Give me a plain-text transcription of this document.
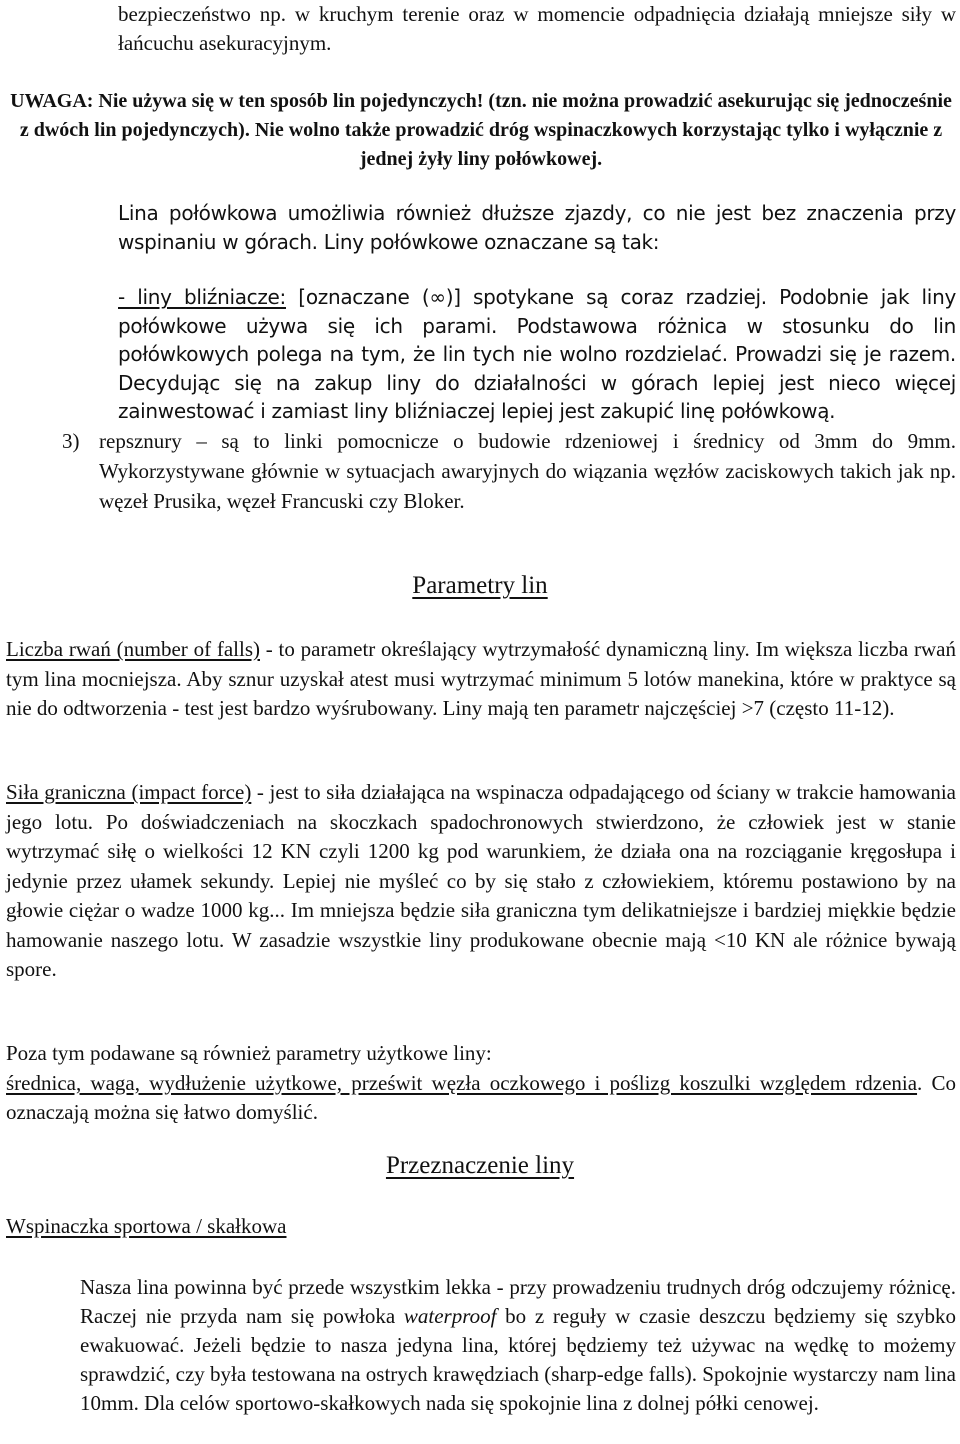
bezpieczeństwo np. w kruchym terenie oraz w momencie odpadnięcia działają mniejsze siły w łańcuchu asekuracyjnym.

UWAGA: Nie używa się w ten sposób lin pojedynczych! (tzn. nie można prowadzić asekurując się jednocześnie z dwóch lin pojedynczych). Nie wolno także prowadzić dróg wspinaczkowych korzystając tylko i wyłącznie z jednej żyły liny połówkowej.

Lina połówkowa umożliwia również dłuższe zjazdy, co nie jest bez znaczenia przy wspinaniu w górach. Liny połówkowe oznaczane są tak:

- liny bliźniacze: [oznaczane (∞)] spotykane są coraz rzadziej. Podobnie jak liny połówkowe używa się ich parami. Podstawowa różnica w stosunku do lin połówkowych polega na tym, że lin tych nie wolno rozdzielać. Prowadzi się je razem. Decydując się na zakup liny do działalności w górach lepiej jest nieco więcej zainwestować i zamiast liny bliźniaczej lepiej jest zakupić linę połówkową.

3) repsznury – są to linki pomocnicze o budowie rdzeniowej i średnicy od 3mm do 9mm. Wykorzystywane głównie w sytuacjach awaryjnych do wiązania węzłów zaciskowych takich jak np. węzeł Prusika, węzeł Francuski czy Bloker.
Parametry lin

Liczba rwań (number of falls) - to parametr określający wytrzymałość dynamiczną liny. Im większa liczba rwań tym lina mocniejsza. Aby sznur uzyskał atest musi wytrzymać minimum 5 lotów manekina, które w praktyce są nie do odtworzenia - test jest bardzo wyśrubowany. Liny mają ten parametr najczęściej >7 (często 11-12).

Siła graniczna (impact force) - jest to siła działająca na wspinacza odpadającego od ściany w trakcie hamowania jego lotu. Po doświadczeniach na skoczkach spadochronowych stwierdzono, że człowiek jest w stanie wytrzymać siłę o wielkości 12 KN czyli 1200 kg pod warunkiem, że działa ona na rozciąganie kręgosłupa i jedynie przez ułamek sekundy. Lepiej nie myśleć co by się stało z człowiekiem, któremu postawiono by na głowie ciężar o wadze 1000 kg... Im mniejsza będzie siła graniczna tym delikatniejsze i bardziej miękkie będzie hamowanie naszego lotu. W zasadzie wszystkie liny produkowane obecnie mają <10 KN ale różnice bywają spore.

Poza tym podawane są również parametry użytkowe liny:
średnica, waga, wydłużenie użytkowe, prześwit węzła oczkowego i poślizg koszulki względem rdzenia. Co oznaczają można się łatwo domyślić.

Przeznaczenie liny
Wspinaczka sportowa / skałkowa

Nasza lina powinna być przede wszystkim lekka - przy prowadzeniu trudnych dróg odczujemy różnicę. Raczej nie przyda nam się powłoka waterproof bo z reguły w czasie deszczu będziemy się szybko ewakuować. Jeżeli będzie to nasza jedyna lina, której będziemy też używac na wędkę to możemy sprawdzić, czy była testowana na ostrych krawędziach (sharp-edge falls). Spokojnie wystarczy nam lina 10mm. Dla celów sportowo-skałkowych nada się spokojnie lina z dolnej półki cenowej.
